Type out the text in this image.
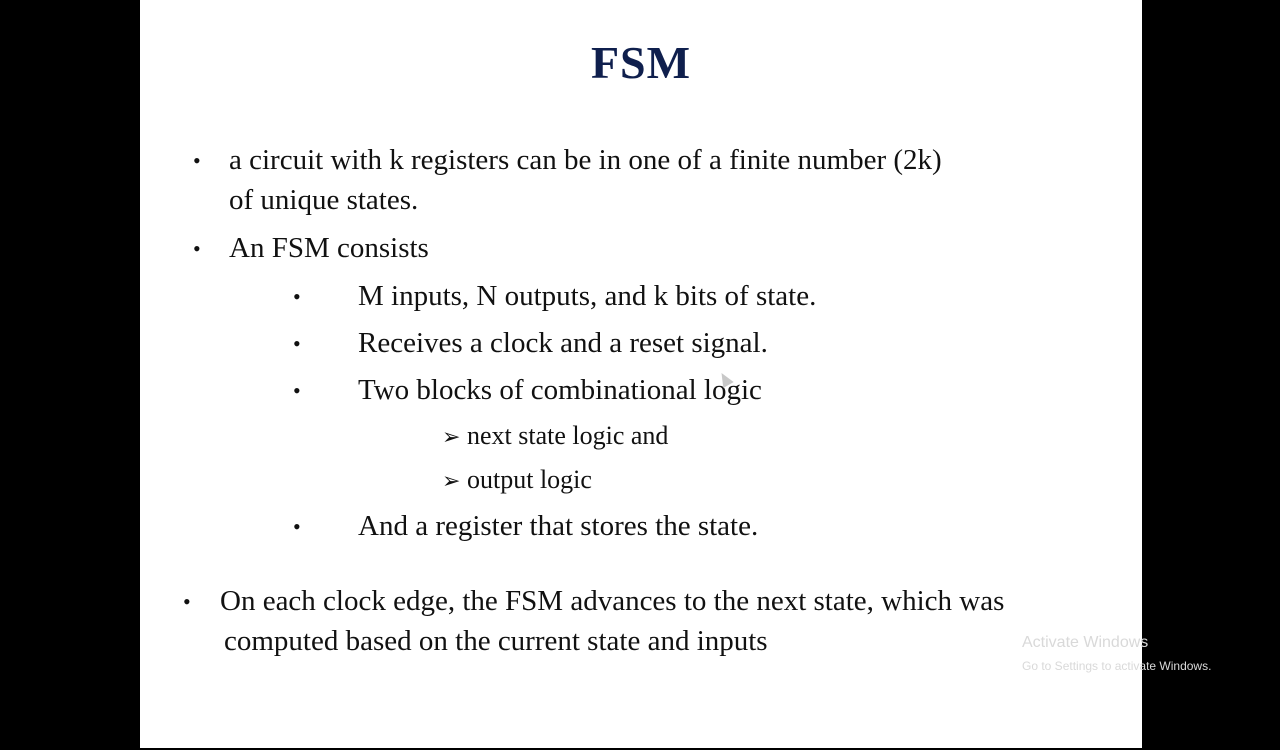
FSM
• a circuit with k registers can be in one of a finite number (2k)
of unique states.
• An FSM consists
• M inputs, N outputs, and k bits of state.
• Receives a clock and a reset signal.
• Two blocks of combinational logic
➢ next state logic and
➢ output logic
• And a register that stores the state.
• On each clock edge, the FSM advances to the next state, which was
computed based on the current state and inputs	Activate Windows
Go to Settings to activate Windows.
